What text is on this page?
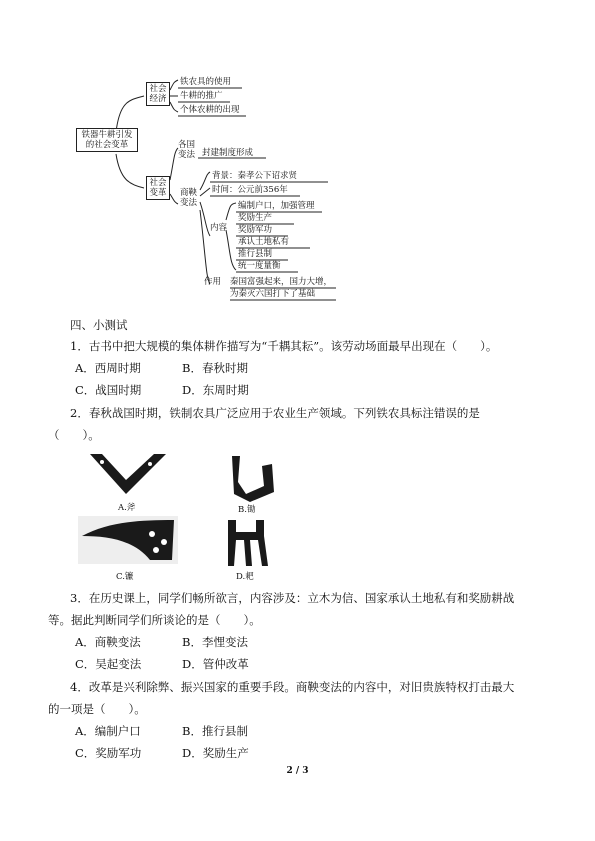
铁器牛耕引发的社会变革
社会经济
铁农具的使用
牛耕的推广
个体农耕的出现
社会变革
各国变法 封建制度形成
商鞅变法
背景：秦孝公下诏求贤
时间：公元前356年
内容
编制户口，加强管理
奖励生产
奖励军功
承认土地私有
推行县制
统一度量衡
作用 秦国富强起来，国力大增，
为秦灭六国打下了基础
四、小测试
1．古书中把大规模的集体耕作描写为“千耦其耘”。该劳动场面最早出现在（　　）。
A．西周时期	B．春秋时期
C．战国时期	D．东周时期
2．春秋战国时期，铁制农具广泛应用于农业生产领域。下列铁农具标注错误的是
（　　）。
A.斧	B.锄
C.镰	D.耙
3．在历史课上，同学们畅所欲言，内容涉及：立木为信、国家承认土地私有和奖励耕战
等。据此判断同学们所谈论的是（　　）。
A．商鞅变法	B．李悝变法
C．吴起变法	D．管仲改革
4．改革是兴利除弊、振兴国家的重要手段。商鞅变法的内容中，对旧贵族特权打击最大
的一项是（　　）。
A．编制户口	B．推行县制
C．奖励军功	D．奖励生产
2 / 3
